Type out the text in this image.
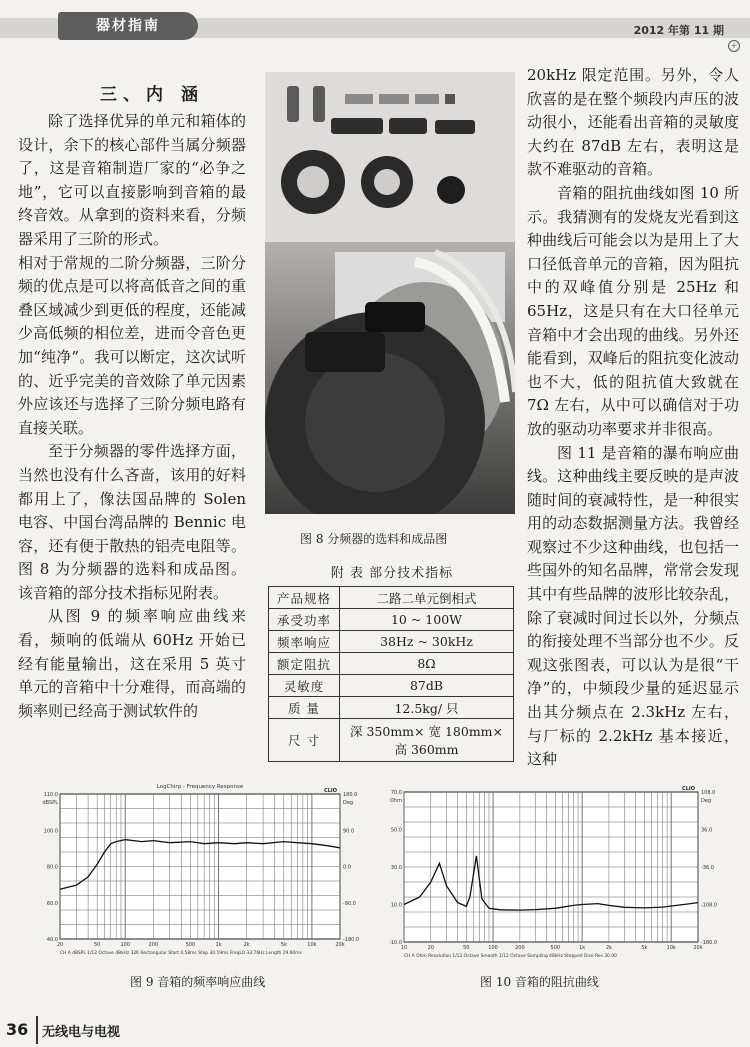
器材指南	2012 年第 11 期
+
三、内 涵

除了选择优异的单元和箱体的设计，余下的核心部件当属分频器了，这是音箱制造厂家的“必争之地”，它可以直接影响到音箱的最终音效。从拿到的资料来看，分频器采用了三阶的形式。

相对于常规的二阶分频器，三阶分频的优点是可以将高低音之间的重叠区域减少到更低的程度，还能减少高低频的相位差，进而令音色更加“纯净”。我可以断定，这次试听的、近乎完美的音效除了单元因素外应该还与选择了三阶分频电路有直接关联。

至于分频器的零件选择方面，当然也没有什么吝啬，该用的好料都用上了，像法国品牌的 Solen 电容、中国台湾品牌的 Bennic 电容，还有便于散热的铝壳电阻等。图 8 为分频器的选料和成品图。该音箱的部分技术指标见附表。

从图 9 的频率响应曲线来看，频响的低端从 60Hz 开始已经有能量输出，这在采用 5 英寸单元的音箱中十分难得，而高端的频率则已经高于测试软件的

20kHz 限定范围。另外，令人欣喜的是在整个频段内声压的波动很小，还能看出音箱的灵敏度大约在 87dB 左右，表明这是款不难驱动的音箱。

音箱的阻抗曲线如图 10 所示。我猜测有的发烧友光看到这种曲线后可能会以为是用上了大口径低音单元的音箱，因为阻抗中的双峰值分别是 25Hz 和 65Hz，这是只有在大口径单元音箱中才会出现的曲线。另外还能看到，双峰后的阻抗变化波动也不大，低的阻抗值大致就在 7Ω 左右，从中可以确信对于功放的驱动功率要求并非很高。

图 11 是音箱的瀑布响应曲线。这种曲线主要反映的是声波随时间的衰减特性，是一种很实用的动态数据测量方法。我曾经观察过不少这种曲线，也包括一些国外的知名品牌，常常会发现其中有些品牌的波形比较杂乱，除了衰减时间过长以外，分频点的衔接处理不当部分也不少。反观这张图表，可以认为是很“干净”的，中频段少量的延迟显示出其分频点在 2.3kHz 左右，与厂标的 2.2kHz 基本接近，这种

图 8 分频器的选料和成品图
附 表 部分技术指标
产品规格	二路二单元倒相式
承受功率	10 ~ 100W
频率响应	38Hz ~ 30kHz
额定阻抗	8Ω
灵敏度	87dB
质 量	12.5kg/ 只
尺 寸	深 350mm× 宽 180mm× 高 360mm
110.0
100.0
80.0
60.0
40.0
180.0
90.0
0.0
-90.0
-180.0
20	50	100	200	500	1k	2k	5k	10k	20k
dBSPL	Deg
CLIO
LogChirp - Frequency Response
CH A dBSPL 1/12 Octave 48kHz 32K Rectangular Start 0.58ms Stop 30.19ms FreqLO 33.76Hz Length 29.60ms
70.0
50.0
30.0
10.0
-10.0
108.0
36.0
-36.0
-108.0
-180.0
10	20	50	100	200	500	1k	2k	5k	10k	20k
Ohm	Deg
CLIO
CH A Ohm Resolution 1/12 Octave Smooth 1/12 Octave Sampling 48kHz Stepped Dnsl Res 30.00
图 9 音箱的频率响应曲线	图 10 音箱的阻抗曲线
36 无线电与电视
